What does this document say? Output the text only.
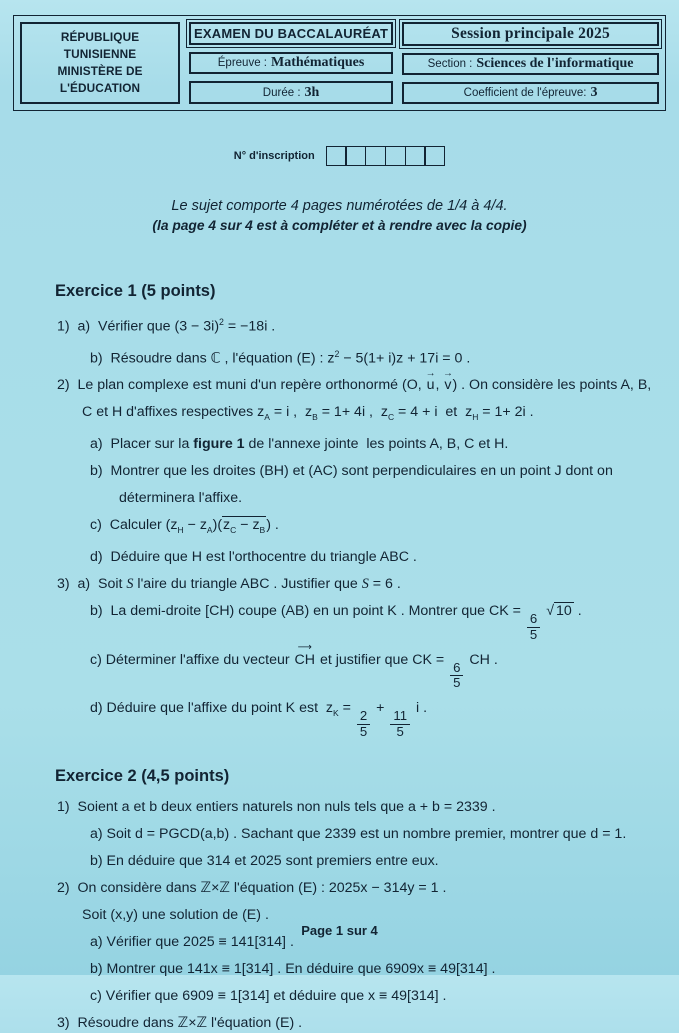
RÉPUBLIQUE TUNISIENNE
MINISTÈRE DE L'ÉDUCATION
EXAMEN DU BACCALAURÉAT
Épreuve : Mathématiques
Durée : 3h
Session principale 2025
Section : Sciences de l'informatique
Coefficient de l'épreuve: 3
N° d'inscription
Le sujet comporte 4 pages numérotées de 1/4 à 4/4.
(la page 4 sur 4 est à compléter et à rendre avec la copie)
Exercice 1 (5 points)
1)  a)  Vérifier que $(3 - 3i)^2 = -18i$ .
b)  Résoudre dans ℂ , l'équation (E) : $z^2 - 5(1+ i)z + 17i = 0$ .
2)  Le plan complexe est muni d'un repère orthonormé (O,
→
u,
→
v) . On considère les points A, B,
C et H d'affixes respectives $z_A = i$ ,  $z_B = 1+ 4i$ ,  $z_C = 4 + i$  et  $z_H = 1+ 2i$ .
a)  Placer sur la figure 1 de l'annexe jointe  les points A, B, C et H.
b)  Montrer que les droites (BH) et (AC) sont perpendiculaires en un point J dont on
déterminera l'affixe.
c)  Calculer $(z_H - z_A)(z_C - z_B)$ .
d)  Déduire que H est l'orthocentre du triangle ABC .
3)  a)  Soit S l'aire du triangle ABC . Justifier que S = 6 .
b)  La demi-droite [CH) coupe (AB) en un point K . Montrer que CK =
$\frac{6}{5}$
√ 10 .
c) Déterminer l'affixe du vecteur
⟶
CH et justifier que CK =
$\frac{6}{5}$
CH .
d) Déduire que l'affixe du point K est  $z_K$ =
$\frac{2}{5}$
+
$\frac{11}{5}$
i .
Exercice 2 (4,5 points)
1)  Soient a et b deux entiers naturels non nuls tels que a + b = 2339 .
a) Soit d = PGCD(a,b) . Sachant que 2339 est un nombre premier, montrer que d = 1.
b) En déduire que 314 et 2025 sont premiers entre eux.
2)  On considère dans ℤ×ℤ l'équation (E) : 2025x − 314y = 1 .
Soit (x,y) une solution de (E) .
a) Vérifier que 2025 ≡ 141[314] .
b) Montrer que 141x ≡ 1[314] . En déduire que 6909x ≡ 49[314] .
c) Vérifier que 6909 ≡ 1[314] et déduire que x ≡ 49[314] .
3)  Résoudre dans ℤ×ℤ l'équation (E) .
Page 1 sur 4
